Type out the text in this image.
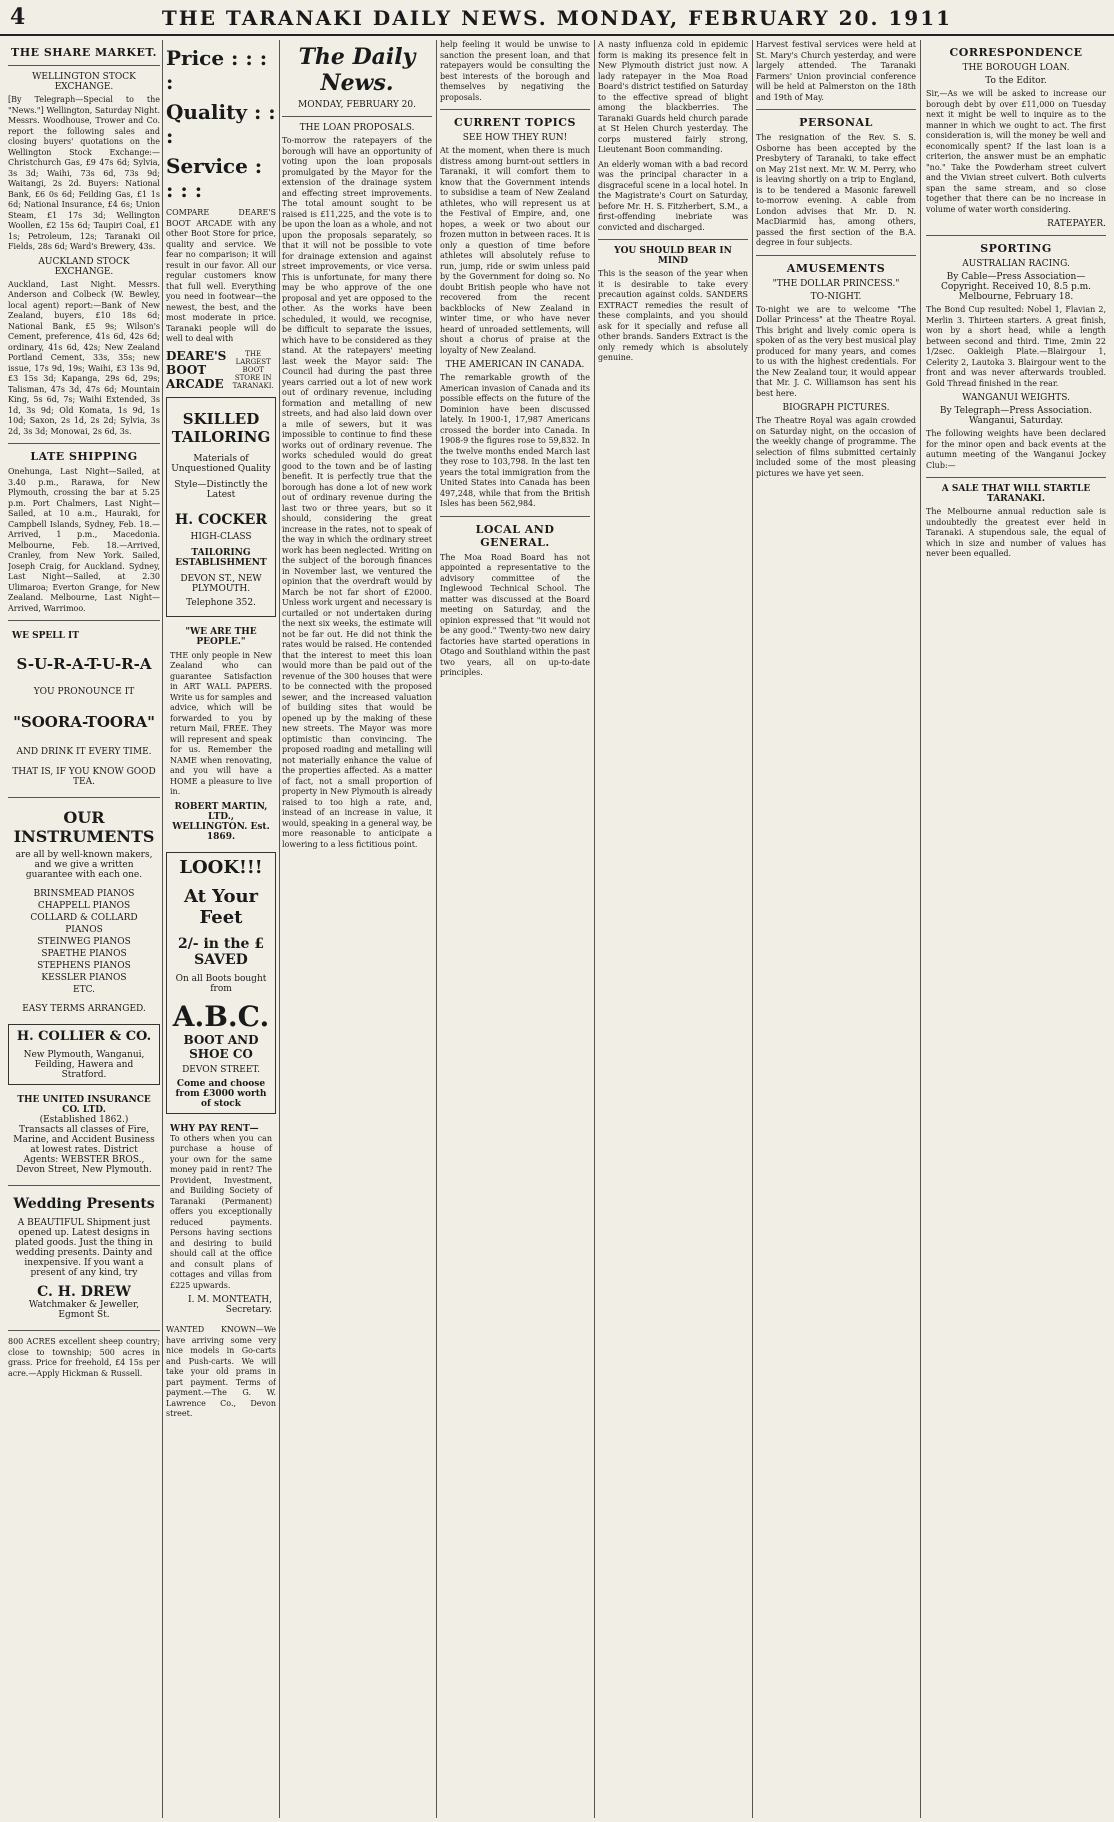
4	THE TARANAKI DAILY NEWS. MONDAY, FEBRUARY 20. 1911
THE SHARE MARKET.
WELLINGTON STOCK EXCHANGE.

[By Telegraph—Special to the "News."] Wellington, Saturday Night. Messrs. Woodhouse, Trower and Co. report the following sales and closing buyers' quotations on the Wellington Stock Exchange:—Christchurch Gas, £9 47s 6d; Sylvia, 3s 3d; Waihi, 73s 6d, 73s 9d; Waitangi, 2s 2d. Buyers: National Bank, £6 0s 6d; Feilding Gas, £1 1s 6d; National Insurance, £4 6s; Union Steam, £1 17s 3d; Wellington Woollen, £2 15s 6d; Taupiri Coal, £1 1s; Petroleum, 12s; Taranaki Oil Fields, 28s 6d; Ward's Brewery, 43s.

AUCKLAND STOCK EXCHANGE.

Auckland, Last Night. Messrs. Anderson and Colbeck (W. Bewley, local agent) report:—Bank of New Zealand, buyers, £10 18s 6d; National Bank, £5 9s; Wilson's Cement, preference, 41s 6d, 42s 6d; ordinary, 41s 6d, 42s; New Zealand Portland Cement, 33s, 35s; new issue, 17s 9d, 19s; Waihi, £3 13s 9d, £3 15s 3d; Kapanga, 29s 6d, 29s; Talisman, 47s 3d, 47s 6d; Mountain King, 5s 6d, 7s; Waihi Extended, 3s 1d, 3s 9d; Old Komata, 1s 9d, 1s 10d; Saxon, 2s 1d, 2s 2d; Sylvia, 3s 2d, 3s 3d; Monowai, 2s 6d, 3s.

LATE SHIPPING

Onehunga, Last Night—Sailed, at 3.40 p.m., Rarawa, for New Plymouth, crossing the bar at 5.25 p.m. Port Chalmers, Last Night—Sailed, at 10 a.m., Hauraki, for Campbell Islands, Sydney, Feb. 18.—Arrived, 1 p.m., Macedonia. Melbourne, Feb. 18.—Arrived, Cranley, from New York. Sailed, Joseph Craig, for Auckland. Sydney, Last Night—Sailed, at 2.30 Ulimaroa; Everton Grange, for New Zealand. Melbourne, Last Night—Arrived, Warrimoo.

WE SPELL IT
S-U-R-A-T-U-R-A
YOU PRONOUNCE IT
"SOORA-TOORA"
AND DRINK IT EVERY TIME.
THAT IS, IF YOU KNOW GOOD TEA.
OUR INSTRUMENTS
are all by well-known makers, and we give a written guarantee with each one.
BRINSMEAD PIANOS
CHAPPELL PIANOS
COLLARD & COLLARD PIANOS
STEINWEG PIANOS
SPAETHE PIANOS
STEPHENS PIANOS
KESSLER PIANOS
ETC.
EASY TERMS ARRANGED.
H. COLLIER & CO.
New Plymouth, Wanganui, Feilding, Hawera and Stratford.
THE UNITED INSURANCE CO. LTD.
(Established 1862.)
Transacts all classes of Fire, Marine, and Accident Business at lowest rates. District Agents: WEBSTER BROS., Devon Street, New Plymouth.
Wedding Presents
A BEAUTIFUL Shipment just opened up. Latest designs in plated goods. Just the thing in wedding presents. Dainty and inexpensive. If you want a present of any kind, try
C. H. DREW
Watchmaker & Jeweller, Egmont St.

800 ACRES excellent sheep country; close to township; 500 acres in grass. Price for freehold, £4 15s per acre.—Apply Hickman & Russell.

Price : : : :
Quality : : :
Service : : : :

COMPARE DEARE'S BOOT ARCADE with any other Boot Store for price, quality and service. We fear no comparison; it will result in our favor. All our regular customers know that full well. Everything you need in footwear—the newest, the best, and the most moderate in price. Taranaki people will do well to deal with

DEARE'S BOOT ARCADE
THE LARGEST BOOT STORE IN TARANAKI.
SKILLED TAILORING
Materials of Unquestioned Quality
Style—Distinctly the Latest
H. COCKER
HIGH-CLASS
TAILORING ESTABLISHMENT
DEVON ST., NEW PLYMOUTH.
Telephone 352.
"WE ARE THE PEOPLE."

THE only people in New Zealand who can guarantee Satisfaction in ART WALL PAPERS. Write us for samples and advice, which will be forwarded to you by return Mail, FREE. They will represent and speak for us. Remember the NAME when renovating, and you will have a HOME a pleasure to live in.

ROBERT MARTIN, LTD., WELLINGTON. Est. 1869.
LOOK!!!
At Your Feet
2/- in the £ SAVED
On all Boots bought from
A.B.C.
BOOT AND SHOE CO
DEVON STREET.
Come and choose from £3000 worth of stock
WHY PAY RENT—

To others when you can purchase a house of your own for the same money paid in rent? The Provident, Investment, and Building Society of Taranaki (Permanent) offers you exceptionally reduced payments. Persons having sections and desiring to build should call at the office and consult plans of cottages and villas from £225 upwards.

I. M. MONTEATH, Secretary.

WANTED KNOWN—We have arriving some very nice models in Go-carts and Push-carts. We will take your old prams in part payment. Terms of payment.—The G. W. Lawrence Co., Devon street.

The Daily News.
MONDAY, FEBRUARY 20.
THE LOAN PROPOSALS.

To-morrow the ratepayers of the borough will have an opportunity of voting upon the loan proposals promulgated by the Mayor for the extension of the drainage system and effecting street improvements. The total amount sought to be raised is £11,225, and the vote is to be upon the loan as a whole, and not upon the proposals separately, so that it will not be possible to vote for drainage extension and against street improvements, or vice versa. This is unfortunate, for many there may be who approve of the one proposal and yet are opposed to the other. As the works have been scheduled, it would, we recognise, be difficult to separate the issues, which have to be considered as they stand. At the ratepayers' meeting last week the Mayor said: The Council had during the past three years carried out a lot of new work out of ordinary revenue, including formation and metalling of new streets, and had also laid down over a mile of sewers, but it was impossible to continue to find these works out of ordinary revenue. The works scheduled would do great good to the town and be of lasting benefit. It is perfectly true that the borough has done a lot of new work out of ordinary revenue during the last two or three years, but so it should, considering the great increase in the rates, not to speak of the way in which the ordinary street work has been neglected. Writing on the subject of the borough finances in November last, we ventured the opinion that the overdraft would by March be not far short of £2000. Unless work urgent and necessary is curtailed or not undertaken during the next six weeks, the estimate will not be far out. He did not think the rates would be raised. He contended that the interest to meet this loan would more than be paid out of the revenue of the 300 houses that were to be connected with the proposed sewer, and the increased valuation of building sites that would be opened up by the making of these new streets. The Mayor was more optimistic than convincing. The proposed roading and metalling will not materially enhance the value of the properties affected. As a matter of fact, not a small proportion of property in New Plymouth is already raised to too high a rate, and, instead of an increase in value, it would, speaking in a general way, be more reasonable to anticipate a lowering to a less fictitious point.

help feeling it would be unwise to sanction the present loan, and that ratepayers would be consulting the best interests of the borough and themselves by negativing the proposals.

CURRENT TOPICS
SEE HOW THEY RUN!

At the moment, when there is much distress among burnt-out settlers in Taranaki, it will comfort them to know that the Government intends to subsidise a team of New Zealand athletes, who will represent us at the Festival of Empire, and, one hopes, a week or two about our frozen mutton in between races. It is only a question of time before athletes will absolutely refuse to run, jump, ride or swim unless paid by the Government for doing so. No doubt British people who have not recovered from the recent backblocks of New Zealand in winter time, or who have never heard of unroaded settlements, will shout a chorus of praise at the loyalty of New Zealand.

THE AMERICAN IN CANADA.

The remarkable growth of the American invasion of Canada and its possible effects on the future of the Dominion have been discussed lately. In 1900-1, 17,987 Americans crossed the border into Canada. In 1908-9 the figures rose to 59,832. In the twelve months ended March last they rose to 103,798. In the last ten years the total immigration from the United States into Canada has been 497,248, while that from the British Isles has been 562,984.

LOCAL AND GENERAL.

The Moa Road Board has not appointed a representative to the advisory committee of the Inglewood Technical School. The matter was discussed at the Board meeting on Saturday, and the opinion expressed that "it would not be any good." Twenty-two new dairy factories have started operations in Otago and Southland within the past two years, all on up-to-date principles.

A nasty influenza cold in epidemic form is making its presence felt in New Plymouth district just now. A lady ratepayer in the Moa Road Board's district testified on Saturday to the effective spread of blight among the blackberries. The Taranaki Guards held church parade at St Helen Church yesterday. The corps mustered fairly strong, Lieutenant Boon commanding.

An elderly woman with a bad record was the principal character in a disgraceful scene in a local hotel. In the Magistrate's Court on Saturday, before Mr. H. S. Fitzherbert, S.M., a first-offending inebriate was convicted and discharged.

YOU SHOULD BEAR IN MIND

This is the season of the year when it is desirable to take every precaution against colds. SANDERS EXTRACT remedies the result of these complaints, and you should ask for it specially and refuse all other brands. Sanders Extract is the only remedy which is absolutely genuine.

Harvest festival services were held at St. Mary's Church yesterday, and were largely attended. The Taranaki Farmers' Union provincial conference will be held at Palmerston on the 18th and 19th of May.

PERSONAL

The resignation of the Rev. S. S. Osborne has been accepted by the Presbytery of Taranaki, to take effect on May 21st next. Mr. W. M. Perry, who is leaving shortly on a trip to England, is to be tendered a Masonic farewell to-morrow evening. A cable from London advises that Mr. D. N. MacDiarmid has, among others, passed the first section of the B.A. degree in four subjects.

AMUSEMENTS
"THE DOLLAR PRINCESS."
TO-NIGHT.

To-night we are to welcome "The Dollar Princess" at the Theatre Royal. This bright and lively comic opera is spoken of as the very best musical play produced for many years, and comes to us with the highest credentials. For the New Zealand tour, it would appear that Mr. J. C. Williamson has sent his best here.

BIOGRAPH PICTURES.

The Theatre Royal was again crowded on Saturday night, on the occasion of the weekly change of programme. The selection of films submitted certainly included some of the most pleasing pictures we have yet seen.

CORRESPONDENCE
THE BOROUGH LOAN.
To the Editor.

Sir,—As we will be asked to increase our borough debt by over £11,000 on Tuesday next it might be well to inquire as to the manner in which we ought to act. The first consideration is, will the money be well and economically spent? If the last loan is a criterion, the answer must be an emphatic "no." Take the Powderham street culvert and the Vivian street culvert. Both culverts span the same stream, and so close together that there can be no increase in volume of water worth considering.

RATEPAYER.
SPORTING
AUSTRALIAN RACING.
By Cable—Press Association—Copyright. Received 10, 8.5 p.m. Melbourne, February 18.

The Bond Cup resulted: Nobel 1, Flavian 2, Merlin 3. Thirteen starters. A great finish, won by a short head, while a length between second and third. Time, 2min 22 1/2sec. Oakleigh Plate.—Blairgour 1, Celerity 2, Lautoka 3. Blairgour went to the front and was never afterwards troubled. Gold Thread finished in the rear.

WANGANUI WEIGHTS.
By Telegraph—Press Association. Wanganui, Saturday.

The following weights have been declared for the minor open and back events at the autumn meeting of the Wanganui Jockey Club:—

A SALE THAT WILL STARTLE TARANAKI.

The Melbourne annual reduction sale is undoubtedly the greatest ever held in Taranaki. A stupendous sale, the equal of which in size and number of values has never been equalled.
